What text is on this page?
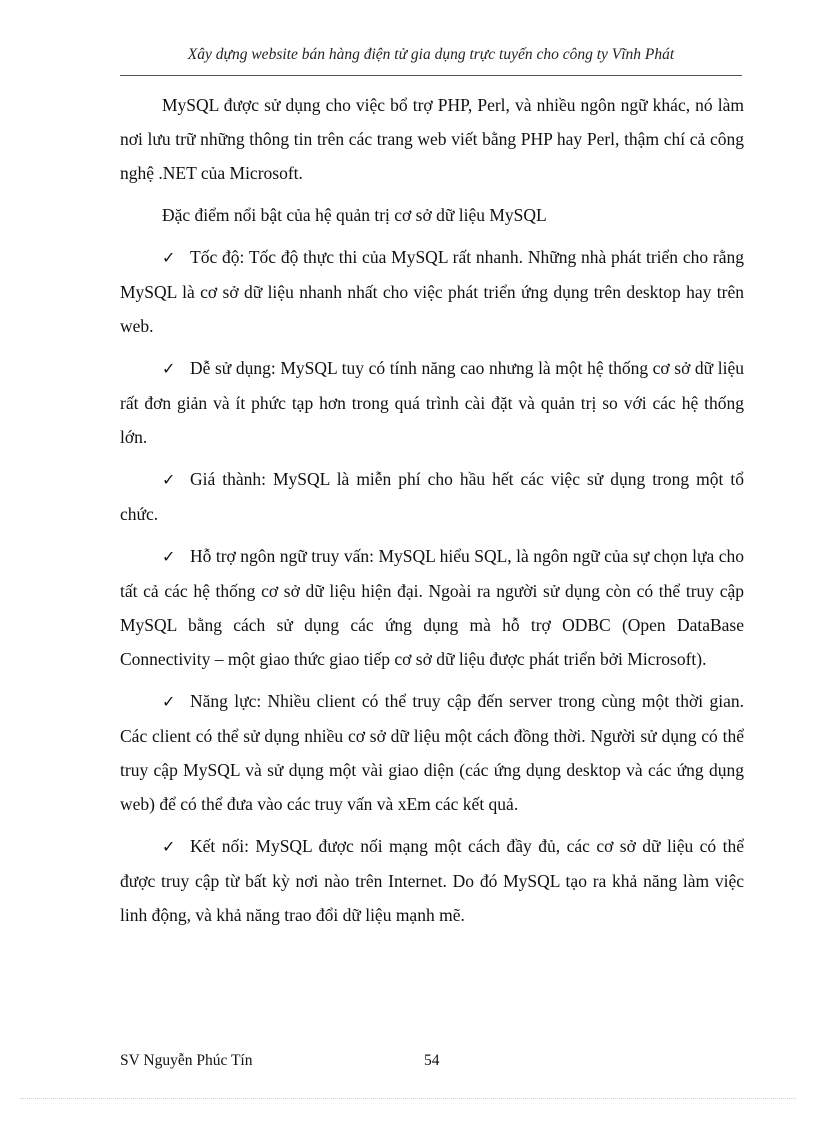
Xây dựng website bán hàng điện tử gia dụng trực tuyến cho công ty Vĩnh Phát

MySQL được sử dụng cho việc bổ trợ PHP, Perl, và nhiều ngôn ngữ khác, nó làm nơi lưu trữ những thông tin trên các trang web viết bằng PHP hay Perl, thậm chí cả công nghệ .NET của Microsoft.

Đặc điểm nổi bật của hệ quản trị cơ sở dữ liệu MySQL

✓ Tốc độ: Tốc độ thực thi của MySQL rất nhanh. Những nhà phát triển cho rằng MySQL là cơ sở dữ liệu nhanh nhất cho việc phát triển ứng dụng trên desktop hay trên web.

✓ Dễ sử dụng: MySQL tuy có tính năng cao nhưng là một hệ thống cơ sở dữ liệu rất đơn giản và ít phức tạp hơn trong quá trình cài đặt và quản trị so với các hệ thống lớn.

✓ Giá thành: MySQL là miễn phí cho hầu hết các việc sử dụng trong một tổ chức.

✓ Hỗ trợ ngôn ngữ truy vấn: MySQL hiểu SQL, là ngôn ngữ của sự chọn lựa cho tất cả các hệ thống cơ sở dữ liệu hiện đại. Ngoài ra người sử dụng còn có thể truy cập MySQL bằng cách sử dụng các ứng dụng mà hỗ trợ ODBC (Open DataBase Connectivity – một giao thức giao tiếp cơ sở dữ liệu được phát triển bởi Microsoft).

✓ Năng lực: Nhiều client có thể truy cập đến server trong cùng một thời gian. Các client có thể sử dụng nhiều cơ sở dữ liệu một cách đồng thời. Người sử dụng có thể truy cập MySQL và sử dụng một vài giao diện (các ứng dụng desktop và các ứng dụng web) để có thể đưa vào các truy vấn và xEm các kết quả.

✓ Kết nối: MySQL được nối mạng một cách đầy đủ, các cơ sở dữ liệu có thể được truy cập từ bất kỳ nơi nào trên Internet. Do đó MySQL tạo ra khả năng làm việc linh động, và khả năng trao đổi dữ liệu mạnh mẽ.

SV Nguyễn Phúc Tín	54
